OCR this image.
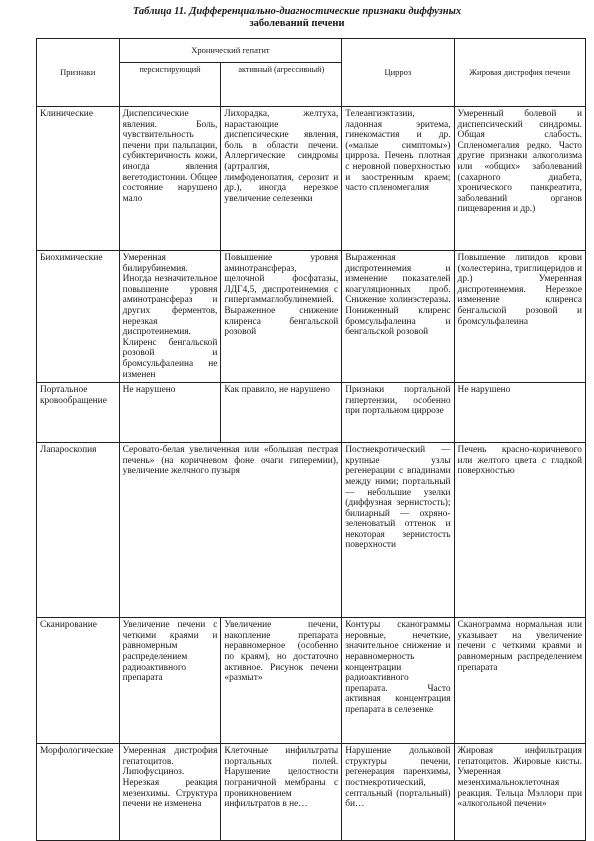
Таблица 11. Дифференциально-диагностические признаки диффузных
заболеваний печени
Признаки	Хронический гепатит		Цирроз	Жировая дистрофия печени
	персистирующий	активный (агрессивный)		
Клинические	Диспепсические явления. Боль, чувствительность печени при пальпации, субиктеричность кожи, иногда явления вегетодистонии. Общее состояние нарушено мало	Лихорадка, желтуха, нарастающие диспепсические явления, боль в области печени. Аллергические синдромы (артралгия, лимфоденопатия, серозит и др.), иногда нерезкое увеличение селезенки	Телеангиэктазии, ладонная эритема, гинекомастия и др. («малые симптомы») цирроза. Печень плотная с неровной поверхностью и заостренным краем; часто спленомегалия	Умеренный болевой и диспепсический синдромы. Общая слабость. Спленомегалия редко. Часто другие признаки алкоголизма или «общих» заболеваний (сахарного диабета, хронического панкреатита, заболеваний органов пищеварения и др.)
Биохимические	Умеренная билирубинемия. Иногда незначительное повышение уровня аминотрансфераз и других ферментов, нерезкая диспротеинемия. Клиренс бенгальской розовой и бромсульфалеина не изменен	Повышение уровня аминотрансфераз, щелочной фосфатазы, ЛДГ4,5, диспротеинемия с гипергаммаглобулинемией. Выраженное снижение клиренса бенгальской розовой	Выраженная диспротеинемия и изменение показателей коагуляционных проб. Снижение холинэстеразы. Пониженный клиренс бромсульфалеина и бенгальской розовой	Повышение липидов крови (холестерина, триглицеридов и др.) Умеренная диспротеинемия. Нерезкое изменение клиренса бенгальской розовой и бромсульфалеина
Портальное кровообращение	Не нарушено	Как правило, не нарушено	Признаки портальной гипертензии, особенно при портальном циррозе	Не нарушено
Лапароскопия	Серовато-белая увеличенная или «большая пестрая печень» (на коричневом фоне очаги гиперемии), увеличение желчного пузыря		Постнекротический — крупные узлы регенерации с впадинами между ними; портальный — небольшие узелки (диффузная зернистость); билиарный — охряно-зеленоватый оттенок и некоторая зернистость поверхности	Печень красно-коричневого или желтого цвета с гладкой поверхностью
Сканирование	Увеличение печени с четкими краями и равномерным распределением радиоактивного препарата	Увеличение печени, накопление препарата неравномерное (особенно по краям), но достаточно активное. Рисунок печени «размыт»	Контуры сканограммы неровные, нечеткие, значительное снижение и неравномерность концентрации радиоактивного препарата. Часто активная концентрация препарата в селезенке	Сканограмма нормальная или указывает на увеличение печени с четкими краями и равномерным распределением препарата
Морфологические	Умеренная дистрофия гепатоцитов. Липофусциноз. Нерезкая реакция мезенхимы. Структура печени не изменена	Клеточные инфильтраты портальных полей. Нарушение целостности пограничной мембраны с проникновением инфильтратов в не…	Нарушение дольковой структуры печени, регенерация паренхимы, постнекротический, септальный (портальный) би…	Жировая инфильтрация гепатоцитов. Жировые кисты. Умеренная мезенхимальноклеточная реакция. Тельца Мэллори при «алкогольной печени»
